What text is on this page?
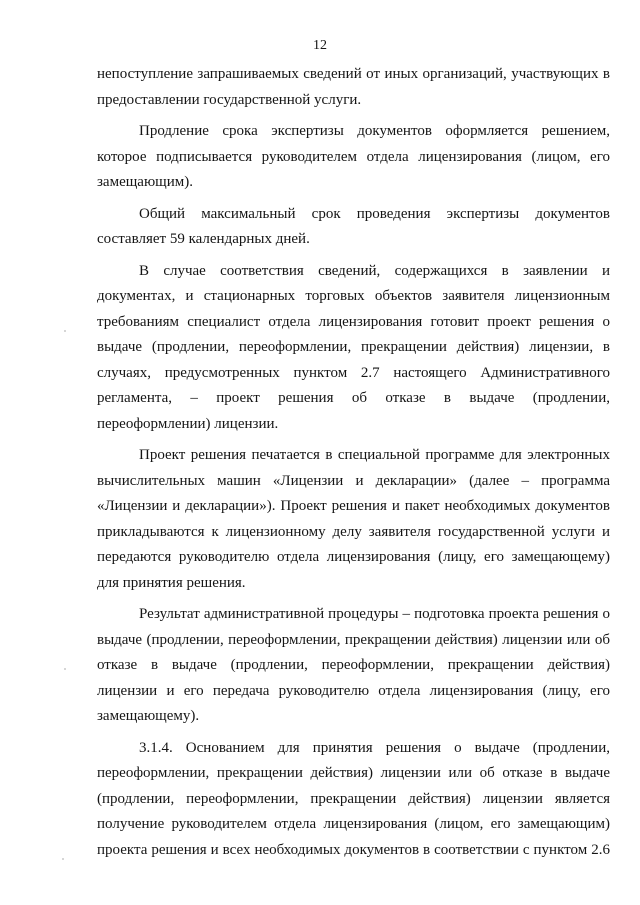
12

непоступление запрашиваемых сведений от иных организаций, участвующих в предоставлении государственной услуги.

Продление срока экспертизы документов оформляется решением, которое подписывается руководителем отдела лицензирования (лицом, его замещающим).

Общий максимальный срок проведения экспертизы документов составляет 59 календарных дней.

В случае соответствия сведений, содержащихся в заявлении и документах, и стационарных торговых объектов заявителя лицензионным требованиям специалист отдела лицензирования готовит проект решения о выдаче (продлении, переоформлении, прекращении действия) лицензии, в случаях, предусмотренных пунктом 2.7 настоящего Административного регламента, – проект решения об отказе в выдаче (продлении, переоформлении) лицензии.

Проект решения печатается в специальной программе для электронных вычислительных машин «Лицензии и декларации» (далее – программа «Лицензии и декларации»). Проект решения и пакет необходимых документов прикладываются к лицензионному делу заявителя государственной услуги и передаются руководителю отдела лицензирования (лицу, его замещающему) для принятия решения.

Результат административной процедуры – подготовка проекта решения о выдаче (продлении, переоформлении, прекращении действия) лицензии или об отказе в выдаче (продлении, переоформлении, прекращении действия) лицензии и его передача руководителю отдела лицензирования (лицу, его замещающему).

3.1.4. Основанием для принятия решения о выдаче (продлении, переоформлении, прекращении действия) лицензии или об отказе в выдаче (продлении, переоформлении, прекращении действия) лицензии является получение руководителем отдела лицензирования (лицом, его замещающим) проекта решения и всех необходимых документов в соответствии с пунктом 2.6
